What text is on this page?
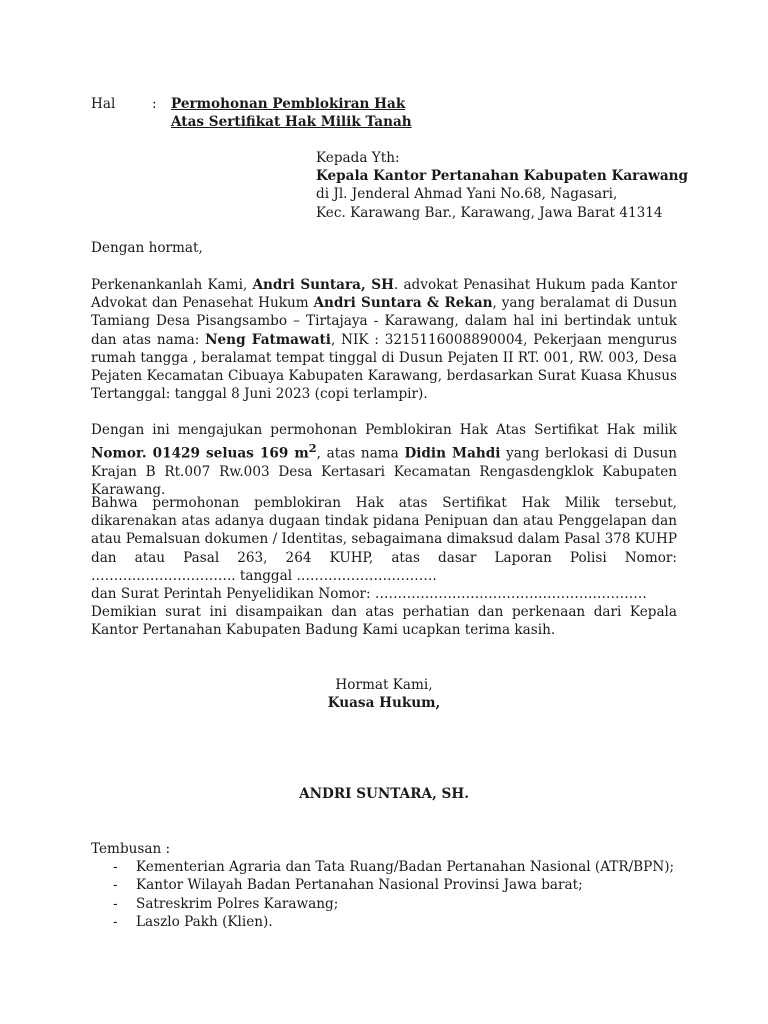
Hal	: Permohonan Pemblokiran Hak
Atas Sertifikat Hak Milik Tanah
Kepada Yth:
Kepala Kantor Pertanahan Kabupaten Karawang
di Jl. Jenderal Ahmad Yani No.68, Nagasari,
Kec. Karawang Bar., Karawang, Jawa Barat 41314
Dengan hormat,
Perkenankanlah Kami, Andri Suntara, SH. advokat Penasihat Hukum pada Kantor Advokat dan Penasehat Hukum Andri Suntara & Rekan, yang beralamat di Dusun Tamiang Desa Pisangsambo – Tirtajaya - Karawang, dalam hal ini bertindak untuk dan atas nama: Neng Fatmawati, NIK : 3215116008890004, Pekerjaan mengurus rumah tangga , beralamat tempat tinggal di Dusun Pejaten II RT. 001, RW. 003, Desa Pejaten Kecamatan Cibuaya Kabupaten Karawang, berdasarkan Surat Kuasa Khusus Tertanggal: tanggal 8 Juni 2023 (copi terlampir).
Dengan ini mengajukan permohonan Pemblokiran Hak Atas Sertifikat Hak milik Nomor. 01429 seluas 169 $m^2$, atas nama Didin Mahdi yang berlokasi di Dusun Krajan B Rt.007 Rw.003 Desa Kertasari Kecamatan Rengasdengklok Kabupaten Karawang.
Bahwa permohonan pemblokiran Hak atas Sertifikat Hak Milik tersebut, dikarenakan atas adanya dugaan tindak pidana Penipuan dan atau Penggelapan dan atau Pemalsuan dokumen / Identitas, sebagaimana dimaksud dalam Pasal 378 KUHP dan atau Pasal 263, 264 KUHP, atas dasar Laporan Polisi Nomor: ………………………….. tanggal ………………………….
dan Surat Perintah Penyelidikan Nomor: ……………………………………………………
Demikian surat ini disampaikan dan atas perhatian dan perkenaan dari Kepala Kantor Pertanahan Kabupaten Badung Kami ucapkan terima kasih.
Hormat Kami,
Kuasa Hukum,
ANDRI SUNTARA, SH.
Tembusan :
- Kementerian Agraria dan Tata Ruang/Badan Pertanahan Nasional (ATR/BPN);
- Kantor Wilayah Badan Pertanahan Nasional Provinsi Jawa barat;
- Satreskrim Polres Karawang;
- Laszlo Pakh (Klien).
